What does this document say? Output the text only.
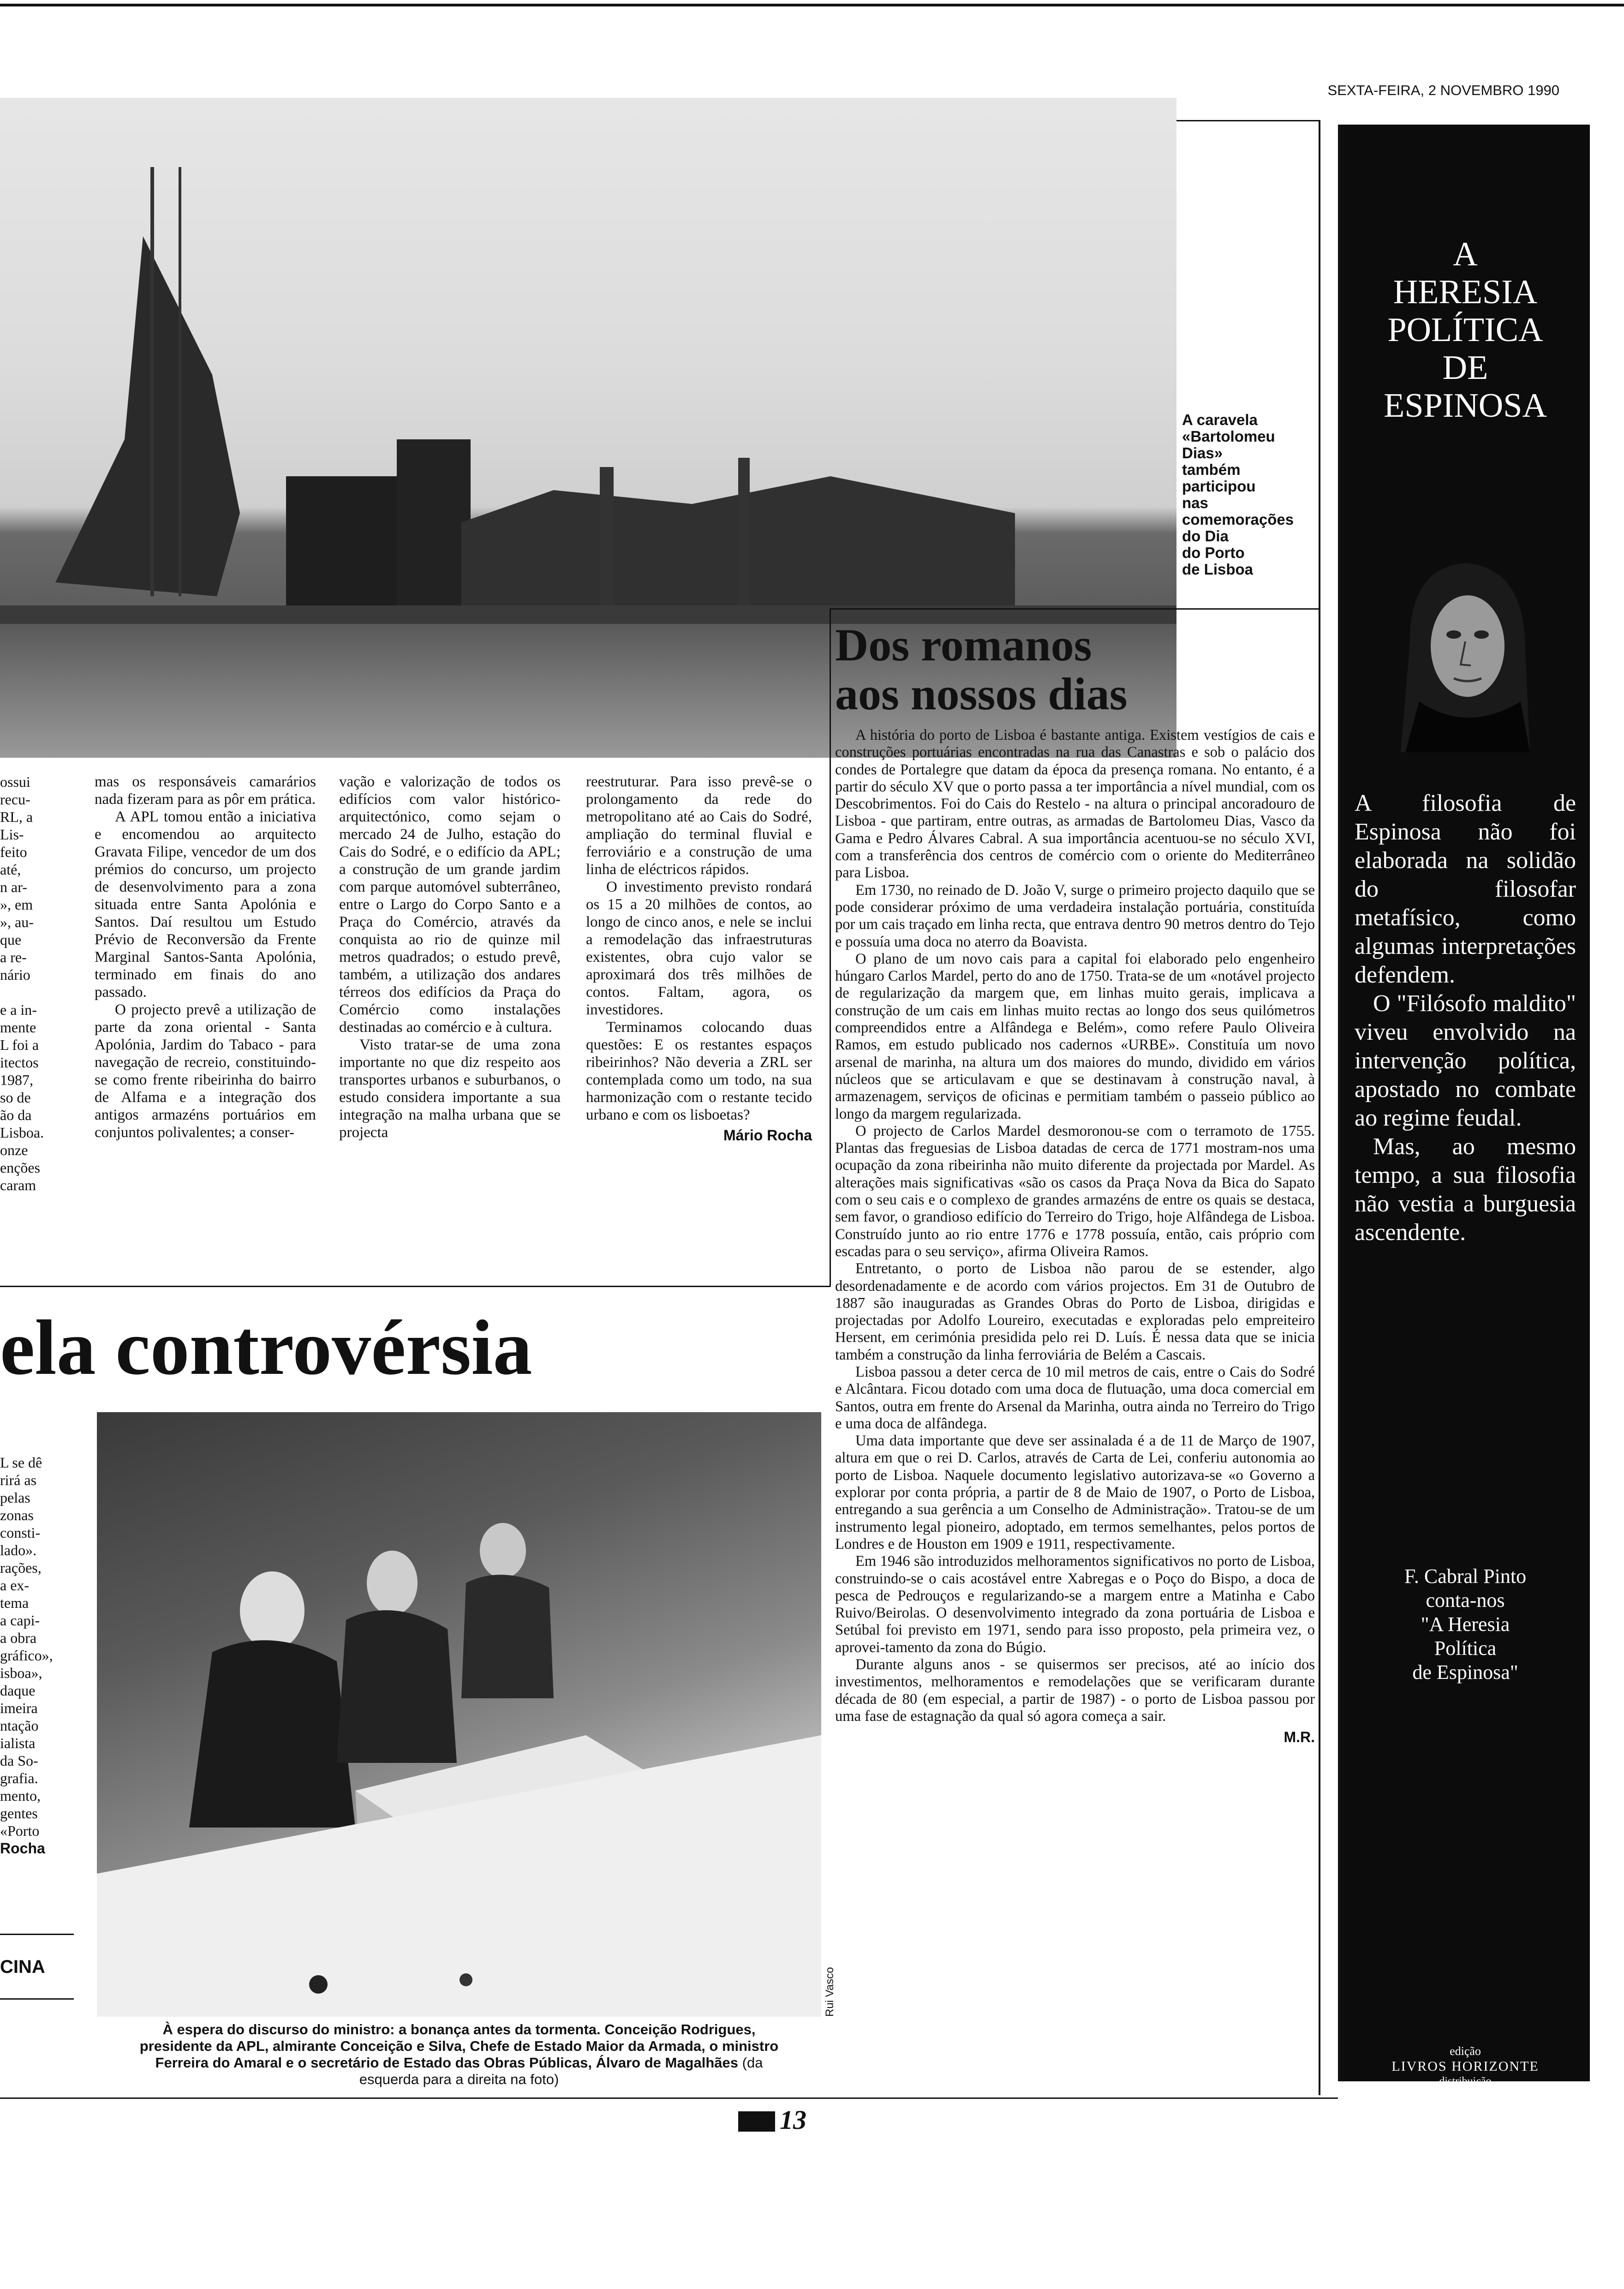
SEXTA-FEIRA, 2 NOVEMBRO 1990
A caravela
«Bartolomeu
Dias»
também
participou
nas
comemorações
do Dia
do Porto
de Lisboa
ossui
recu-
RL, a
Lis-
feito
até,
n ar-
», em
», au-
que
a re-
nário
e a in-
mente
L foi a
itectos
1987,
so de
ão da
Lisboa.
onze
enções
caram

mas os responsáveis camarários nada fizeram para as pôr em prática.

A APL tomou então a iniciativa e encomendou ao arquitecto Gravata Filipe, vencedor de um dos prémios do concurso, um projecto de desenvolvimento para a zona situada entre Santa Apolónia e Santos. Daí resultou um Estudo Prévio de Reconversão da Frente Marginal Santos-Santa Apolónia, terminado em finais do ano passado.

O projecto prevê a utilização de parte da zona oriental - Santa Apolónia, Jardim do Tabaco - para navegação de recreio, constituindo-se como frente ribeirinha do bairro de Alfama e a integração dos antigos armazéns portuários em conjuntos polivalentes; a conser-

vação e valorização de todos os edifícios com valor histórico-arquitectónico, como sejam o mercado 24 de Julho, estação do Cais do Sodré, e o edifício da APL; a construção de um grande jardim com parque automóvel subterrâneo, entre o Largo do Corpo Santo e a Praça do Comércio, através da conquista ao rio de quinze mil metros quadrados; o estudo prevê, também, a utilização dos andares térreos dos edifícios da Praça do Comércio como instalações destinadas ao comércio e à cultura.

Visto tratar-se de uma zona importante no que diz respeito aos transportes urbanos e suburbanos, o estudo considera importante a sua integração na malha urbana que se projecta

reestruturar. Para isso prevê-se o prolongamento da rede do metropolitano até ao Cais do Sodré, ampliação do terminal fluvial e ferroviário e a construção de uma linha de eléctricos rápidos.

O investimento previsto rondará os 15 a 20 milhões de contos, ao longo de cinco anos, e nele se inclui a remodelação das infraestruturas existentes, obra cujo valor se aproximará dos três milhões de contos. Faltam, agora, os investidores.

Terminamos colocando duas questões: E os restantes espaços ribeirinhos? Não deveria a ZRL ser contemplada como um todo, na sua harmonização com o restante tecido urbano e com os lisboetas?

Mário Rocha
ela controvérsia
Rui Vasco
À espera do discurso do ministro: a bonança antes da tormenta. Conceição Rodrigues, presidente da APL, almirante Conceição e Silva, Chefe de Estado Maior da Armada, o ministro Ferreira do Amaral e o secretário de Estado das Obras Públicas, Álvaro de Magalhães (da esquerda para a direita na foto)
L se dê
rirá as
pelas
zonas
consti-
lado».
rações,
a ex-
tema
a capi-
a obra
gráfico»,
isboa»,
daque
imeira
ntação
ialista
da So-
grafia.
mento,
gentes
«Porto
Rocha
CINA
Dos romanos
aos nossos dias

A história do porto de Lisboa é bastante antiga. Existem vestígios de cais e construções portuárias encontradas na rua das Canastras e sob o palácio dos condes de Portalegre que datam da época da presença romana. No entanto, é a partir do século XV que o porto passa a ter importância a nível mundial, com os Descobrimentos. Foi do Cais do Restelo - na altura o principal ancoradouro de Lisboa - que partiram, entre outras, as armadas de Bartolomeu Dias, Vasco da Gama e Pedro Álvares Cabral. A sua importância acentuou-se no século XVI, com a transferência dos centros de comércio com o oriente do Mediterrâneo para Lisboa.

Em 1730, no reinado de D. João V, surge o primeiro projecto daquilo que se pode considerar próximo de uma verdadeira instalação portuária, constituída por um cais traçado em linha recta, que entrava dentro 90 metros dentro do Tejo e possuía uma doca no aterro da Boavista.

O plano de um novo cais para a capital foi elaborado pelo engenheiro húngaro Carlos Mardel, perto do ano de 1750. Trata-se de um «notável projecto de regularização da margem que, em linhas muito gerais, implicava a construção de um cais em linhas muito rectas ao longo dos seus quilómetros compreendidos entre a Alfândega e Belém», como refere Paulo Oliveira Ramos, em estudo publicado nos cadernos «URBE». Constituía um novo arsenal de marinha, na altura um dos maiores do mundo, dividido em vários núcleos que se articulavam e que se destinavam à construção naval, à armazenagem, serviços de oficinas e permitiam também o passeio público ao longo da margem regularizada.

O projecto de Carlos Mardel desmoronou-se com o terramoto de 1755. Plantas das freguesias de Lisboa datadas de cerca de 1771 mostram-nos uma ocupação da zona ribeirinha não muito diferente da projectada por Mardel. As alterações mais significativas «são os casos da Praça Nova da Bica do Sapato com o seu cais e o complexo de grandes armazéns de entre os quais se destaca, sem favor, o grandioso edifício do Terreiro do Trigo, hoje Alfândega de Lisboa. Construído junto ao rio entre 1776 e 1778 possuía, então, cais próprio com escadas para o seu serviço», afirma Oliveira Ramos.

Entretanto, o porto de Lisboa não parou de se estender, algo desordenadamente e de acordo com vários projectos. Em 31 de Outubro de 1887 são inauguradas as Grandes Obras do Porto de Lisboa, dirigidas e projectadas por Adolfo Loureiro, executadas e exploradas pelo empreiteiro Hersent, em cerimónia presidida pelo rei D. Luís. É nessa data que se inicia também a construção da linha ferroviária de Belém a Cascais.

Lisboa passou a deter cerca de 10 mil metros de cais, entre o Cais do Sodré e Alcântara. Ficou dotado com uma doca de flutuação, uma doca comercial em Santos, outra em frente do Arsenal da Marinha, outra ainda no Terreiro do Trigo e uma doca de alfândega.

Uma data importante que deve ser assinalada é a de 11 de Março de 1907, altura em que o rei D. Carlos, através de Carta de Lei, conferiu autonomia ao porto de Lisboa. Naquele documento legislativo autorizava-se «o Governo a explorar por conta própria, a partir de 8 de Maio de 1907, o Porto de Lisboa, entregando a sua gerência a um Conselho de Administração». Tratou-se de um instrumento legal pioneiro, adoptado, em termos semelhantes, pelos portos de Londres e de Houston em 1909 e 1911, respectivamente.

Em 1946 são introduzidos melhoramentos significativos no porto de Lisboa, construindo-se o cais acostável entre Xabregas e o Poço do Bispo, a doca de pesca de Pedrouços e regularizando-se a margem entre a Matinha e Cabo Ruivo/Beirolas. O desenvolvimento integrado da zona portuária de Lisboa e Setúbal foi previsto em 1971, sendo para isso proposto, pela primeira vez, o aprovei-tamento da zona do Búgio.

Durante alguns anos - se quisermos ser precisos, até ao início dos investimentos, melhoramentos e remodelações que se verificaram durante década de 80 (em especial, a partir de 1987) - o porto de Lisboa passou por uma fase de estagnação da qual só agora começa a sair.

M.R.
A
HERESIA
POLÍTICA
DE
ESPINOSA

A filosofia de Espinosa não foi elaborada na solidão do filosofar metafísico, como algumas interpretações defendem.

O "Filósofo maldito" viveu envolvido na intervenção política, apostado no combate ao regime feudal.

Mas, ao mesmo tempo, a sua filosofia não vestia a burguesia ascendente.

F. Cabral Pinto
conta-nos
"A Heresia
Política
de Espinosa"
edição
LIVROS HORIZONTE
distribuição
DIGLIVRO/MOVILIVRO
13
